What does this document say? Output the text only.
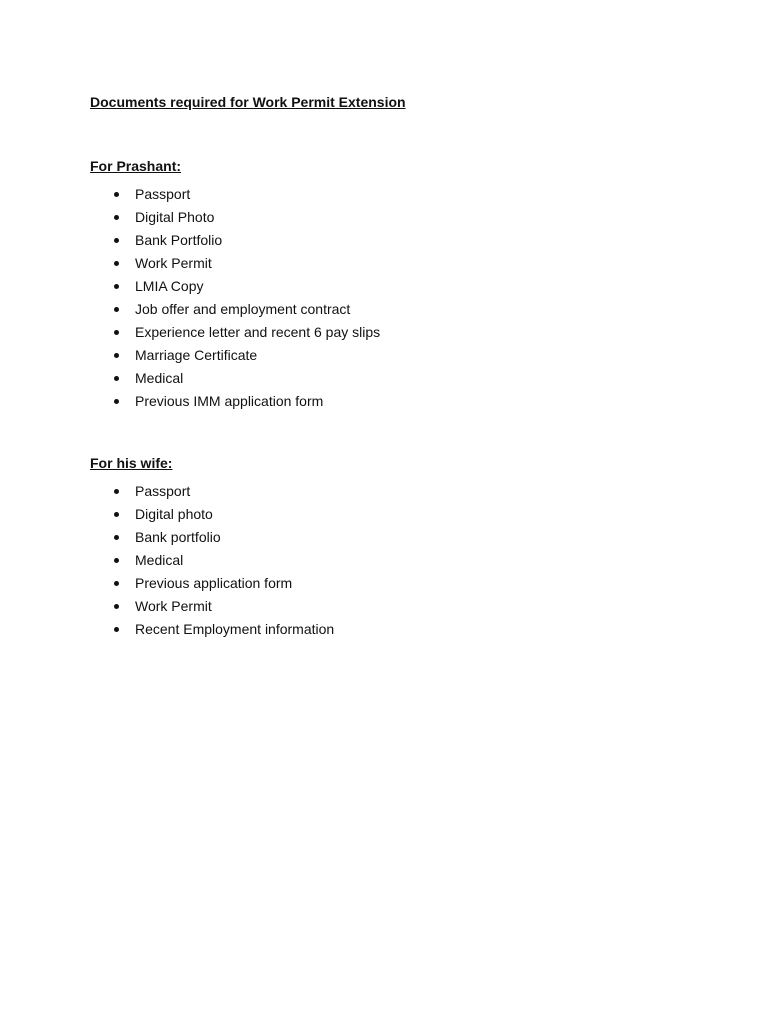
Documents required for Work Permit Extension

For Prashant:

Passport
Digital Photo
Bank Portfolio
Work Permit
LMIA Copy
Job offer and employment contract
Experience letter and recent 6 pay slips
Marriage Certificate
Medical
Previous IMM application form

For his wife:

Passport
Digital photo
Bank portfolio
Medical
Previous application form
Work Permit
Recent Employment information
